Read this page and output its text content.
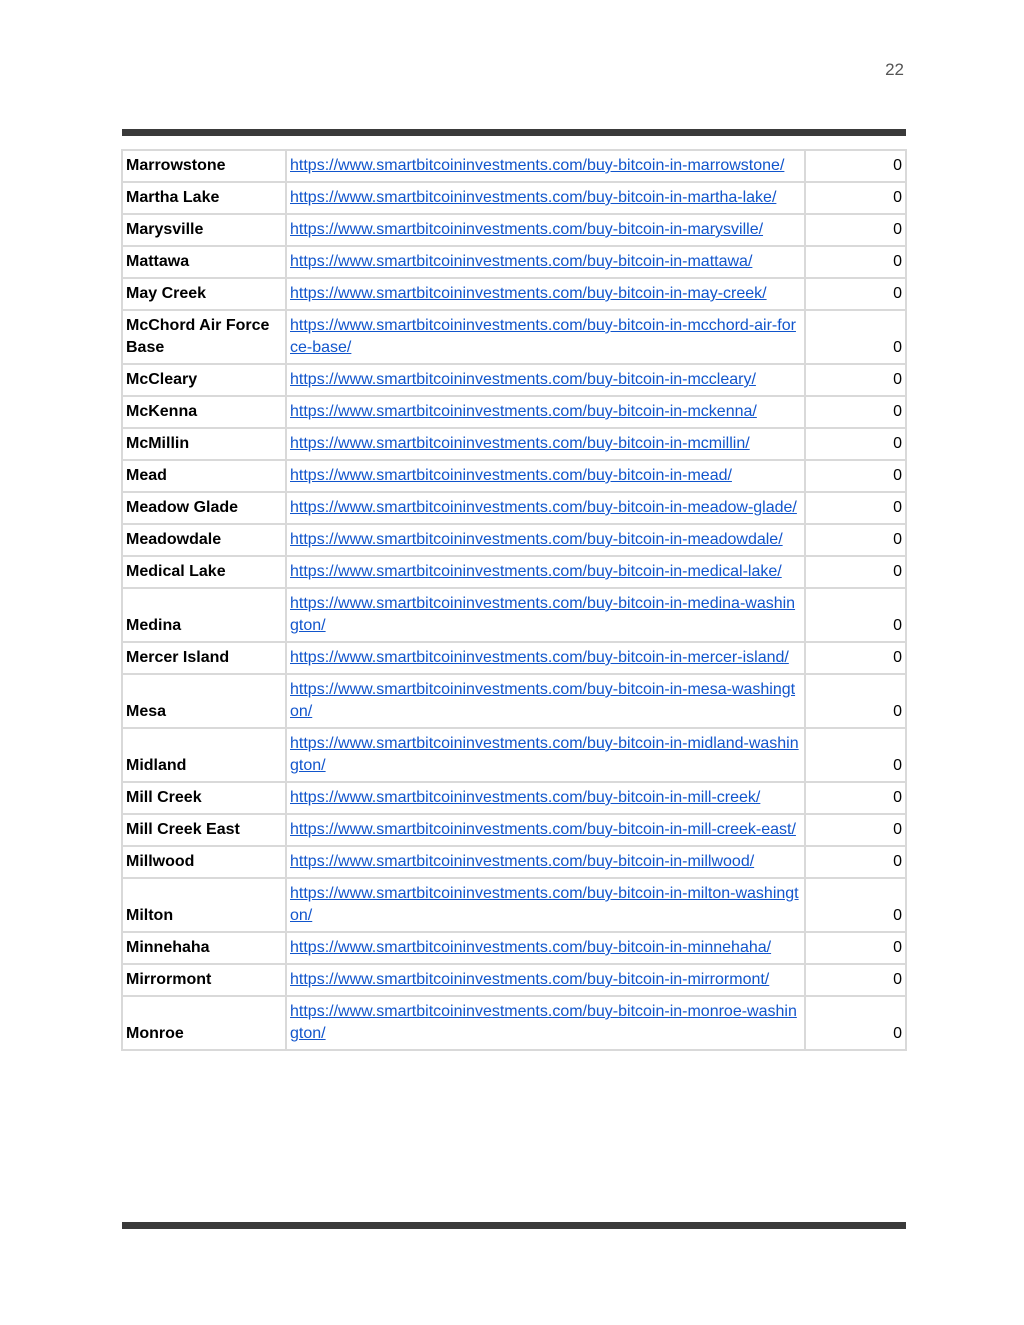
22
Marrowstone	https://www.smartbitcoininvestments.com/buy-bitcoin-in-marrowstone/	0
Martha Lake	https://www.smartbitcoininvestments.com/buy-bitcoin-in-martha-lake/	0
Marysville	https://www.smartbitcoininvestments.com/buy-bitcoin-in-marysville/	0
Mattawa	https://www.smartbitcoininvestments.com/buy-bitcoin-in-mattawa/	0
May Creek	https://www.smartbitcoininvestments.com/buy-bitcoin-in-may-creek/	0
McChord Air Force Base	https://www.smartbitcoininvestments.com/buy-bitcoin-in-mcchord-air-force-base/	0
McCleary	https://www.smartbitcoininvestments.com/buy-bitcoin-in-mccleary/	0
McKenna	https://www.smartbitcoininvestments.com/buy-bitcoin-in-mckenna/	0
McMillin	https://www.smartbitcoininvestments.com/buy-bitcoin-in-mcmillin/	0
Mead	https://www.smartbitcoininvestments.com/buy-bitcoin-in-mead/	0
Meadow Glade	https://www.smartbitcoininvestments.com/buy-bitcoin-in-meadow-glade/	0
Meadowdale	https://www.smartbitcoininvestments.com/buy-bitcoin-in-meadowdale/	0
Medical Lake	https://www.smartbitcoininvestments.com/buy-bitcoin-in-medical-lake/	0
Medina	https://www.smartbitcoininvestments.com/buy-bitcoin-in-medina-washington/	0
Mercer Island	https://www.smartbitcoininvestments.com/buy-bitcoin-in-mercer-island/	0
Mesa	https://www.smartbitcoininvestments.com/buy-bitcoin-in-mesa-washington/	0
Midland	https://www.smartbitcoininvestments.com/buy-bitcoin-in-midland-washington/	0
Mill Creek	https://www.smartbitcoininvestments.com/buy-bitcoin-in-mill-creek/	0
Mill Creek East	https://www.smartbitcoininvestments.com/buy-bitcoin-in-mill-creek-east/	0
Millwood	https://www.smartbitcoininvestments.com/buy-bitcoin-in-millwood/	0
Milton	https://www.smartbitcoininvestments.com/buy-bitcoin-in-milton-washington/	0
Minnehaha	https://www.smartbitcoininvestments.com/buy-bitcoin-in-minnehaha/	0
Mirrormont	https://www.smartbitcoininvestments.com/buy-bitcoin-in-mirrormont/	0
Monroe	https://www.smartbitcoininvestments.com/buy-bitcoin-in-monroe-washington/	0
